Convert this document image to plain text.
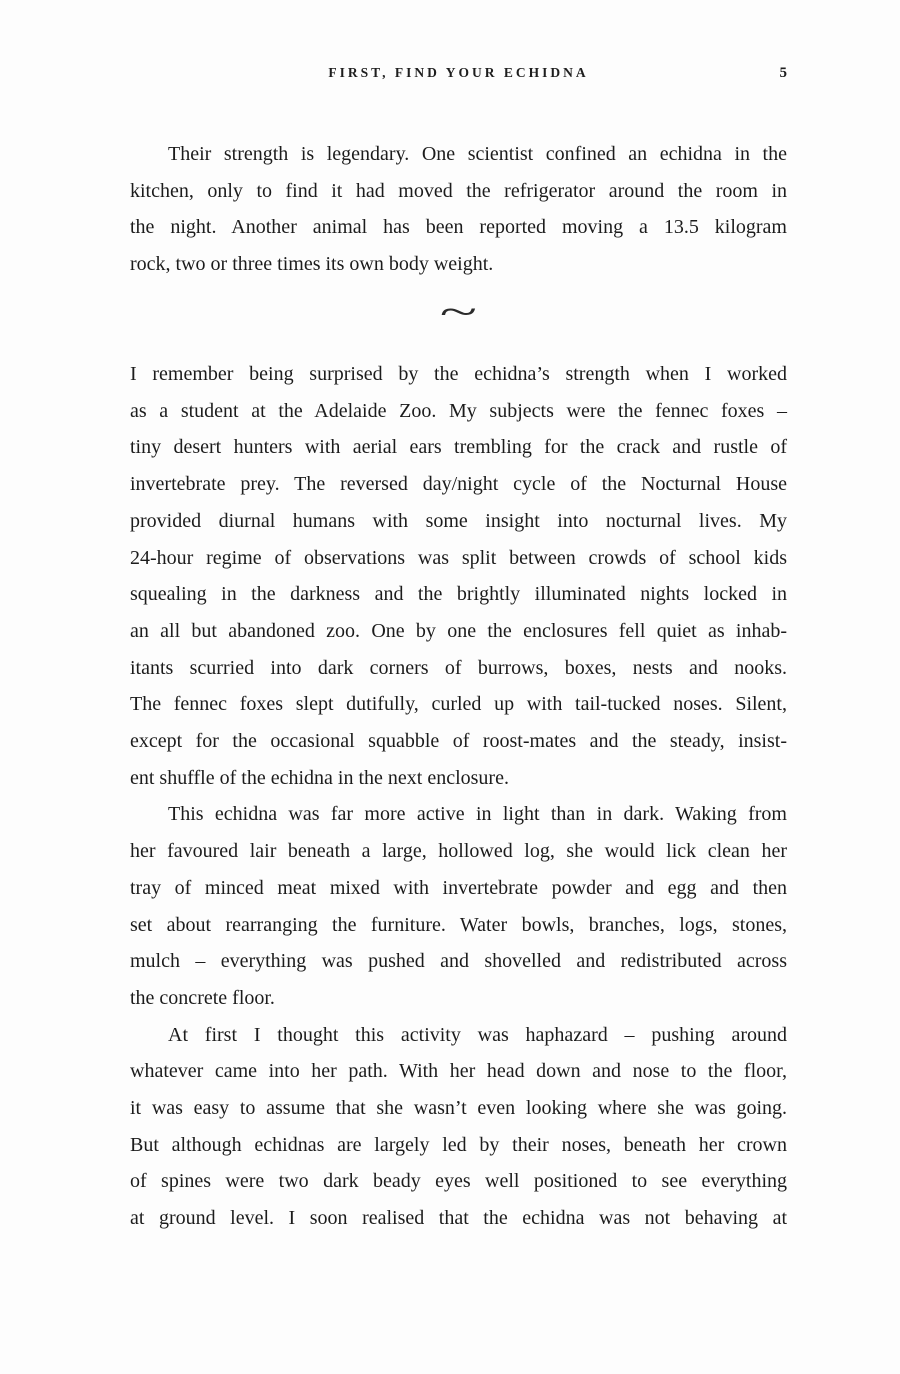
FIRST, FIND YOUR ECHIDNA	5
Their strength is legendary. One scientist confined an echidna in the
kitchen, only to find it had moved the refrigerator around the room in
the night. Another animal has been reported moving a 13.5 kilogram
rock, two or three times its own body weight.
~
I remember being surprised by the echidna’s strength when I worked
as a student at the Adelaide Zoo. My subjects were the fennec foxes –
tiny desert hunters with aerial ears trembling for the crack and rustle of
invertebrate prey. The reversed day/night cycle of the Nocturnal House
provided diurnal humans with some insight into nocturnal lives. My
24-hour regime of observations was split between crowds of school kids
squealing in the darkness and the brightly illuminated nights locked in
an all but abandoned zoo. One by one the enclosures fell quiet as inhab-
itants scurried into dark corners of burrows, boxes, nests and nooks.
The fennec foxes slept dutifully, curled up with tail-tucked noses. Silent,
except for the occasional squabble of roost-mates and the steady, insist-
ent shuffle of the echidna in the next enclosure.
This echidna was far more active in light than in dark. Waking from
her favoured lair beneath a large, hollowed log, she would lick clean her
tray of minced meat mixed with invertebrate powder and egg and then
set about rearranging the furniture. Water bowls, branches, logs, stones,
mulch – everything was pushed and shovelled and redistributed across
the concrete floor.
At first I thought this activity was haphazard – pushing around
whatever came into her path. With her head down and nose to the floor,
it was easy to assume that she wasn’t even looking where she was going.
But although echidnas are largely led by their noses, beneath her crown
of spines were two dark beady eyes well positioned to see everything
at ground level. I soon realised that the echidna was not behaving at
